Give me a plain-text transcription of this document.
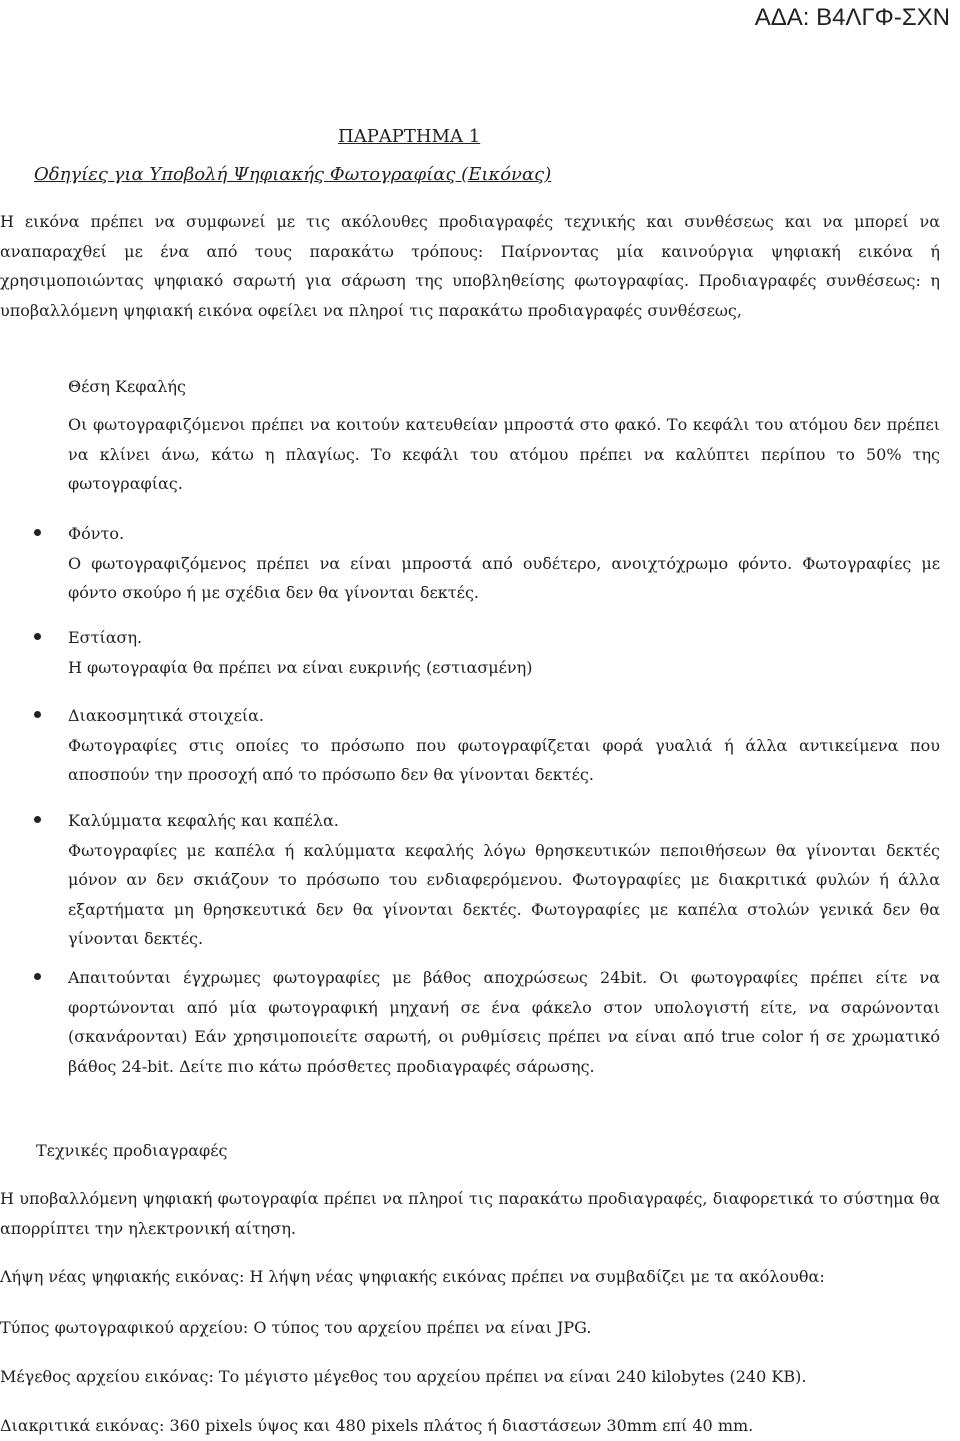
ΑΔΑ: Β4ΛΓΦ-ΣΧΝ
ΠΑΡΑΡΤΗΜΑ 1
Οδηγίες για Υποβολή Ψηφιακής Φωτογραφίας (Εικόνας)

Η εικόνα πρέπει να συμφωνεί με τις ακόλουθες προδιαγραφές τεχνικής και συνθέσεως και να μπορεί να αναπαραχθεί με ένα από τους παρακάτω τρόπους: Παίρνοντας μία καινούργια ψηφιακή εικόνα ή χρησιμοποιώντας ψηφιακό σαρωτή για σάρωση της υποβληθείσης φωτογραφίας. Προδιαγραφές συνθέσεως: η υποβαλλόμενη ψηφιακή εικόνα οφείλει να πληροί τις παρακάτω προδιαγραφές συνθέσεως,

Θέση Κεφαλής

Οι φωτογραφιζόμενοι πρέπει να κοιτούν κατευθείαν μπροστά στο φακό. Το κεφάλι του ατόμου δεν πρέπει να κλίνει άνω, κάτω η πλαγίως. Το κεφάλι του ατόμου πρέπει να καλύπτει περίπου το 50% της φωτογραφίας.

Φόντο.
Ο φωτογραφιζόμενος πρέπει να είναι μπροστά από ουδέτερο, ανοιχτόχρωμο φόντο. Φωτογραφίες με φόντο σκούρο ή με σχέδια δεν θα γίνονται δεκτές.

Εστίαση.
Η φωτογραφία θα πρέπει να είναι ευκρινής (εστιασμένη)

Διακοσμητικά στοιχεία.
Φωτογραφίες στις οποίες το πρόσωπο που φωτογραφίζεται φορά γυαλιά ή άλλα αντικείμενα που αποσπούν την προσοχή από το πρόσωπο δεν θα γίνονται δεκτές.

Καλύμματα κεφαλής και καπέλα.
Φωτογραφίες με καπέλα ή καλύμματα κεφαλής λόγω θρησκευτικών πεποιθήσεων θα γίνονται δεκτές μόνον αν δεν σκιάζουν το πρόσωπο του ενδιαφερόμενου. Φωτογραφίες με διακριτικά φυλών ή άλλα εξαρτήματα μη θρησκευτικά δεν θα γίνονται δεκτές. Φωτογραφίες με καπέλα στολών γενικά δεν θα γίνονται δεκτές.

Απαιτούνται έγχρωμες φωτογραφίες με βάθος αποχρώσεως 24bit. Οι φωτογραφίες πρέπει είτε να φορτώνονται από μία φωτογραφική μηχανή σε ένα φάκελο στον υπολογιστή είτε, να σαρώνονται (σκανάρονται) Εάν χρησιμοποιείτε σαρωτή, οι ρυθμίσεις πρέπει να είναι από true color ή σε χρωματικό βάθος 24-bit. Δείτε πιο κάτω πρόσθετες προδιαγραφές σάρωσης.

Τεχνικές προδιαγραφές

Η υποβαλλόμενη ψηφιακή φωτογραφία πρέπει να πληροί τις παρακάτω προδιαγραφές, διαφορετικά το σύστημα θα απορρίπτει την ηλεκτρονική αίτηση.

Λήψη νέας ψηφιακής εικόνας: Η λήψη νέας ψηφιακής εικόνας πρέπει να συμβαδίζει με τα ακόλουθα:
Τύπος φωτογραφικού αρχείου: Ο τύπος του αρχείου πρέπει να είναι JPG.
Μέγεθος αρχείου εικόνας: Το μέγιστο μέγεθος του αρχείου πρέπει να είναι 240 kilobytes (240 KB).
Διακριτικά εικόνας: 360 pixels ύψος και 480 pixels πλάτος ή διαστάσεων 30mm επί 40 mm.
